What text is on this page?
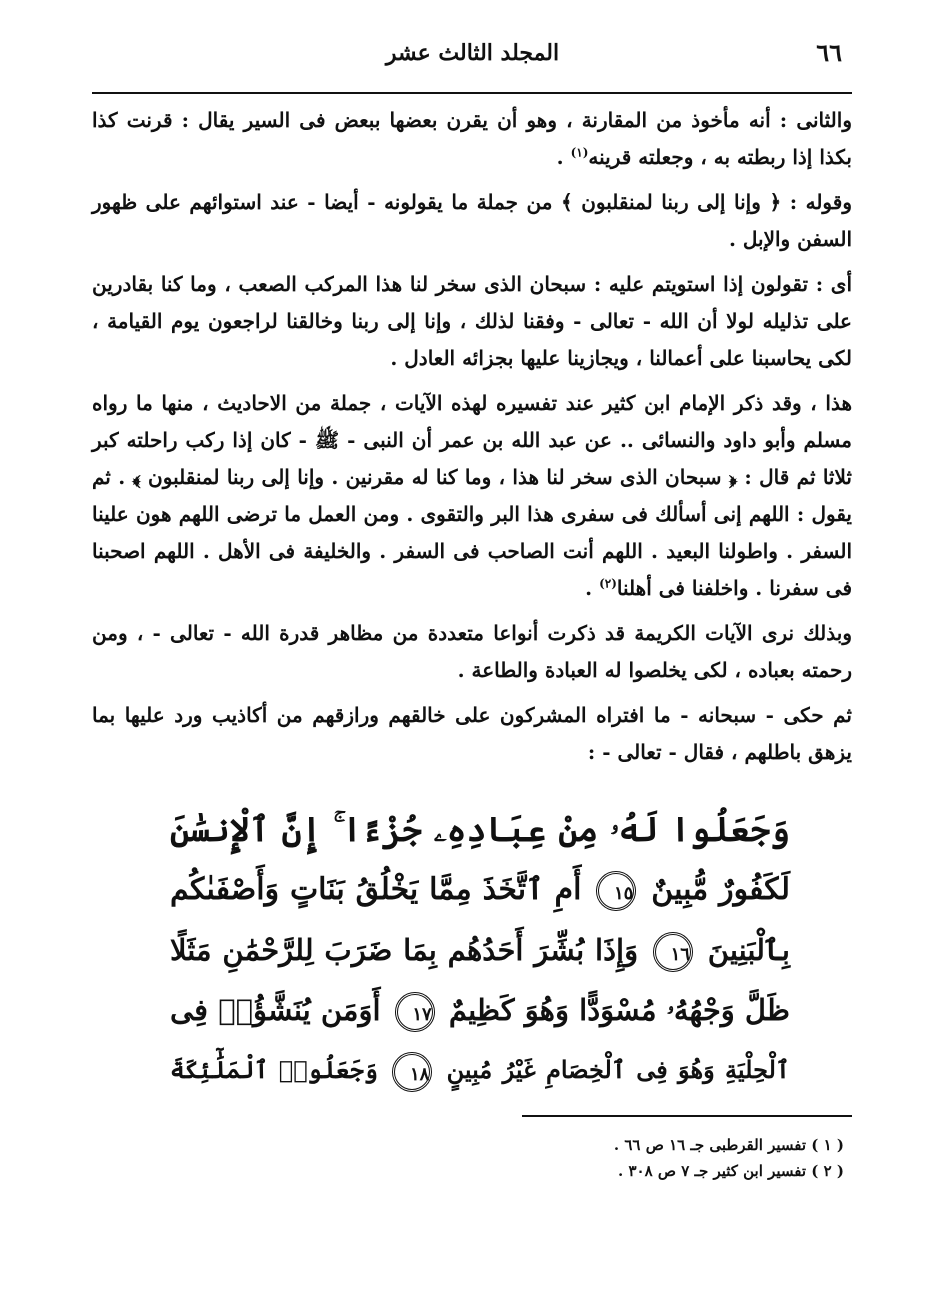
٦٦
المجلد الثالث عشر

والثانى : أنه مأخوذ من المقارنة ، وهو أن يقرن بعضها ببعض فى السير يقال : قرنت كذا بكذا إذا ربطته به ، وجعلته قرينه$^{(١)}$ .

وقوله : ﴿ وإنا إلى ربنا لمنقلبون ﴾ من جملة ما يقولونه - أيضا - عند استوائهم على ظهور السفن والإبل .

أى : تقولون إذا استويتم عليه : سبحان الذى سخر لنا هذا المركب الصعب ، وما كنا بقادرين على تذليله لولا أن الله - تعالى - وفقنا لذلك ، وإنا إلى ربنا وخالقنا لراجعون يوم القيامة ، لكى يحاسبنا على أعمالنا ، ويجازينا عليها بجزائه العادل .

هذا ، وقد ذكر الإمام ابن كثير عند تفسيره لهذه الآيات ، جملة من الاحاديث ، منها ما رواه مسلم وأبو داود والنسائى .. عن عبد الله بن عمر أن النبى - ﷺ - كان إذا ركب راحلته كبر ثلاثا ثم قال : ﴿ سبحان الذى سخر لنا هذا ، وما كنا له مقرنين . وإنا إلى ربنا لمنقلبون ﴾ . ثم يقول : اللهم إنى أسألك فى سفرى هذا البر والتقوى . ومن العمل ما ترضى اللهم هون علينا السفر . واطولنا البعيد . اللهم أنت الصاحب فى السفر . والخليفة فى الأهل . اللهم اصحبنا فى سفرنا . واخلفنا فى أهلنا$^{(٢)}$ .

وبذلك نرى الآيات الكريمة قد ذكرت أنواعا متعددة من مظاهر قدرة الله - تعالى - ، ومن رحمته بعباده ، لكى يخلصوا له العبادة والطاعة .

ثم حكى - سبحانه - ما افتراه المشركون على خالقهم ورازقهم من أكاذيب ورد عليها بما يزهق باطلهم ، فقال - تعالى - :

وَجَعَلُوا لَهُۥ مِنْ عِبَادِهِۦ جُزْءًا ۚ إِنَّ ٱلْإِنسَٰنَ
لَكَفُورٌ مُّبِينٌ ١٥ أَمِ ٱتَّخَذَ مِمَّا يَخْلُقُ بَنَاتٍ وَأَصْفَىٰكُم
بِٱلْبَنِينَ ١٦ وَإِذَا بُشِّرَ أَحَدُهُم بِمَا ضَرَبَ لِلرَّحْمَٰنِ مَثَلًا
ظَلَّ وَجْهُهُۥ مُسْوَدًّا وَهُوَ كَظِيمٌ ١٧ أَوَمَن يُنَشَّؤُا۟ فِى
ٱلْحِلْيَةِ وَهُوَ فِى ٱلْخِصَامِ غَيْرُ مُبِينٍ ١٨ وَجَعَلُوا۟ ٱلْمَلَٰٓئِكَةَ
( ١ ) تفسير القرطبى جـ ١٦ ص ٦٦ .
( ٢ ) تفسير ابن كثير جـ ٧ ص ٣٠٨ .
